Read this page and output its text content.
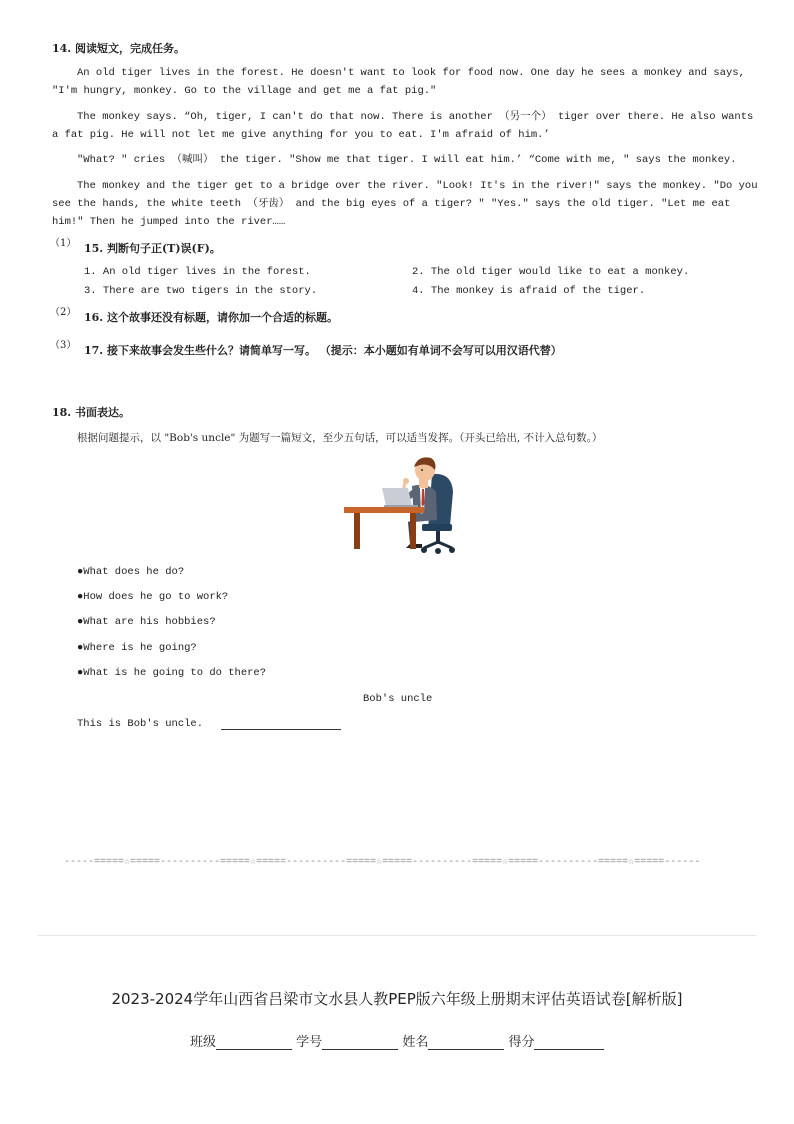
14. 阅读短文，完成任务。
An old tiger lives in the forest. He doesn't want to look for food now. One day he sees a monkey and says,
"I'm hungry, monkey. Go to the village and get me a fat pig."
The monkey says. “Oh, tiger, I can't do that now. There is another （另一个） tiger over there. He also wants
a fat pig. He will not let me give anything for you to eat. I'm afraid of him.’
"What? " cries （喊叫） the tiger. "Show me that tiger. I will eat him.’ “Come with me, " says the monkey.
The monkey and the tiger get to a bridge over the river. "Look! It's in the river!" says the monkey. "Do you
see the hands, the white teeth （牙齿） and the big eyes of a tiger? " "Yes." says the old tiger. "Let me eat
him!" Then he jumped into the river……
（1） 15. 判断句子正(T)误(F)。
1. An old tiger lives in the forest.	2. The old tiger would like to eat a monkey.
3. There are two tigers in the story.	4. The monkey is afraid of the tiger.
（2） 16. 这个故事还没有标题，请你加一个合适的标题。
（3） 17. 接下来故事会发生些什么？请简单写一写。 （提示：本小题如有单词不会写可以用汉语代替）
18. 书面表达。
根据问题提示，以 "Bob's uncle" 为题写一篇短文，至少五句话，可以适当发挥。（开头已给出, 不计入总句数。）
●What does he do?
●How does he go to work?
●What are his hobbies?
●Where is he going?
●What is he going to do there?
Bob's uncle
This is Bob's uncle.
-----=====☆=====----------=====☆=====----------=====☆=====----------=====☆=====----------=====☆=====------
2023-2024学年山西省吕梁市文水县人教PEP版六年级上册期末评估英语试卷[解析版]
班级	学号	姓名	得分
